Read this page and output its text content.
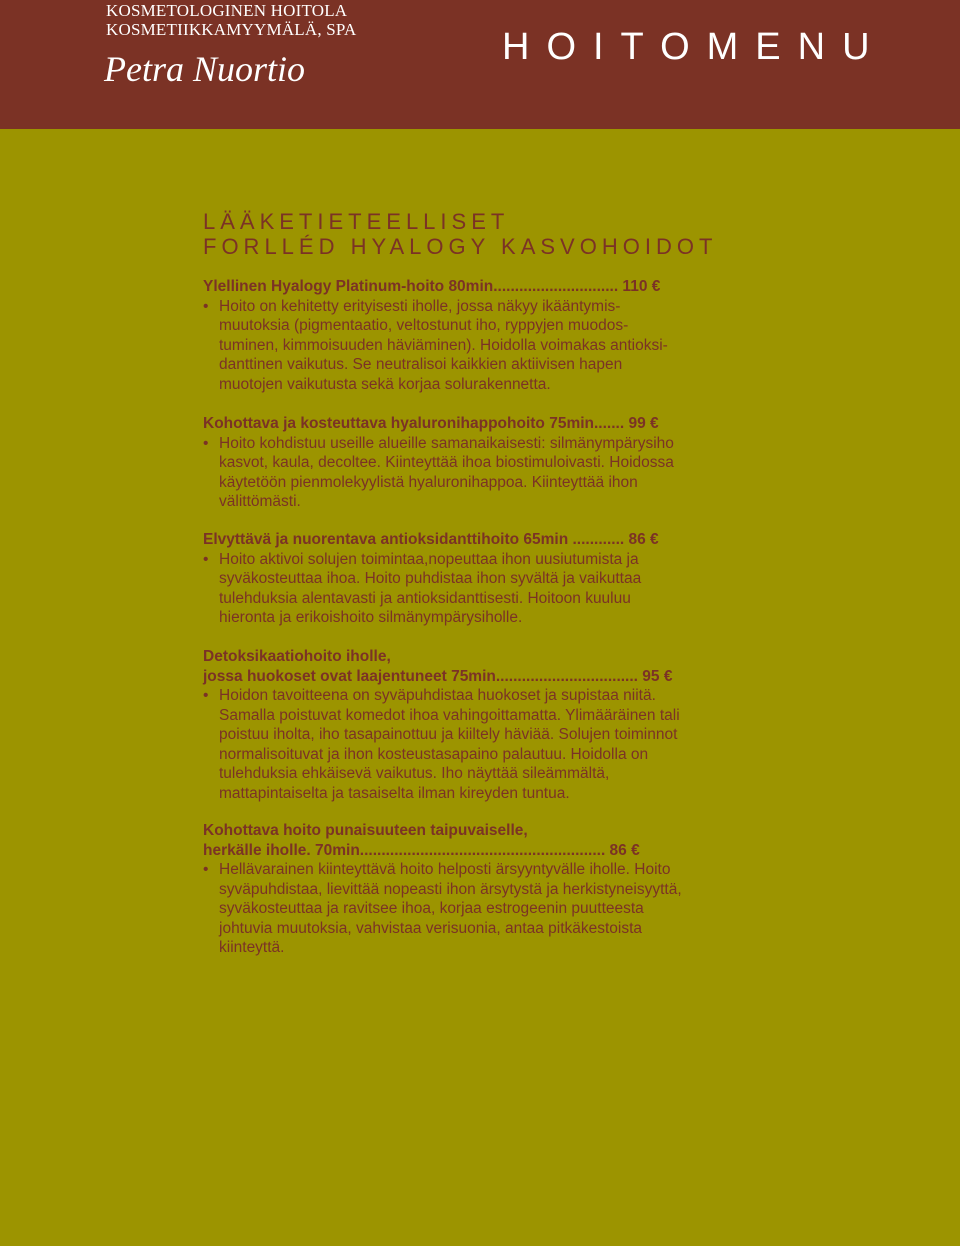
KOSMETOLOGINEN HOITOLA
KOSMETIIKKAMYYMÄLÄ, SPA
Petra Nuortio
HOITOMENU
LÄÄKETIETEELLISET
FORLLÉD HYALOGY KASVOHOIDOT
Ylellinen Hyalogy Platinum-hoito 80min............................. 110 €
• Hoito on kehitetty erityisesti iholle, jossa näkyy ikääntymis-
muutoksia (pigmentaatio, veltostunut iho, ryppyjen muodos-
tuminen, kimmoisuuden häviäminen). Hoidolla voimakas antioksi-
danttinen vaikutus. Se neutralisoi kaikkien aktiivisen hapen
muotojen vaikutusta sekä korjaa solurakennetta.
Kohottava ja kosteuttava hyaluronihappohoito 75min....... 99 €
• Hoito kohdistuu useille alueille samanaikaisesti: silmänympärysiho
kasvot, kaula, decoltee. Kiinteyttää ihoa biostimuloivasti. Hoidossa
käytetöön pienmolekyylistä hyaluronihappoa. Kiinteyttää ihon
välittömästi.
Elvyttävä ja nuorentava antioksidanttihoito 65min ............ 86 €
• Hoito aktivoi solujen toimintaa,nopeuttaa ihon uusiutumista ja
syväkosteuttaa ihoa. Hoito puhdistaa ihon syvältä ja vaikuttaa
tulehduksia alentavasti ja antioksidanttisesti. Hoitoon kuuluu
hieronta ja erikoishoito silmänympärysiholle.
Detoksikaatiohoito iholle,
jossa huokoset ovat laajentuneet 75min................................. 95 €
• Hoidon tavoitteena on syväpuhdistaa huokoset ja supistaa niitä.
Samalla poistuvat komedot ihoa vahingoittamatta. Ylimääräinen tali
poistuu iholta, iho tasapainottuu ja kiiltely häviää. Solujen toiminnot
normalisoituvat ja ihon kosteustasapaino palautuu. Hoidolla on
tulehduksia ehkäisevä vaikutus. Iho näyttää sileämmältä,
mattapintaiselta ja tasaiselta ilman kireyden tuntua.
Kohottava hoito punaisuuteen taipuvaiselle,
herkälle iholle. 70min......................................................... 86 €
• Hellävarainen kiinteyttävä hoito helposti ärsyyntyvälle iholle. Hoito
syväpuhdistaa, lievittää nopeasti ihon ärsytystä ja herkistyneisyyttä,
syväkosteuttaa ja ravitsee ihoa, korjaa estrogeenin puutteesta
johtuvia muutoksia, vahvistaa verisuonia, antaa pitkäkestoista
kiinteyttä.
